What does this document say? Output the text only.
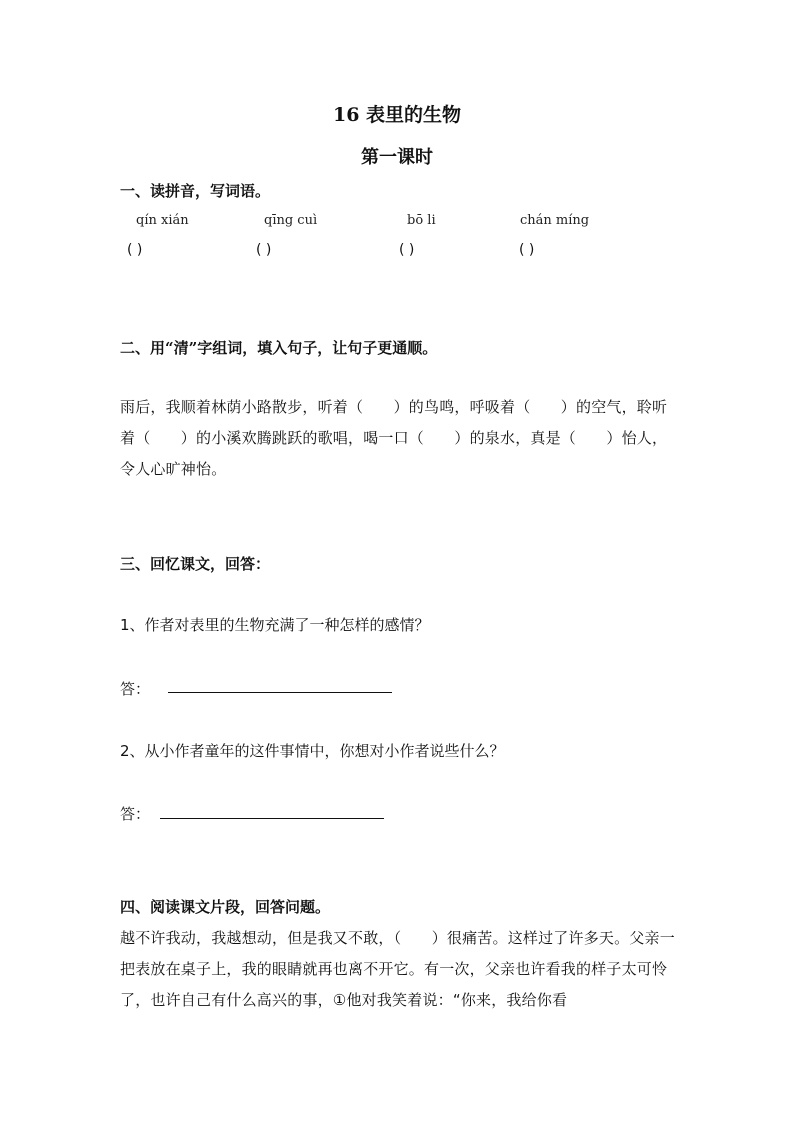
16 表里的生物
第一课时
一、读拼音，写词语。
qín xián	qīng cuì	bō li	chán míng
( )	( )	( )	( )
二、用“清”字组词，填入句子，让句子更通顺。
雨后，我顺着林荫小路散步，听着（　　）的鸟鸣，呼吸着（　　）的空气，聆听着（　　）的小溪欢腾跳跃的歌唱，喝一口（　　）的泉水，真是（　　）怡人，令人心旷神怡。
三、回忆课文，回答：
1、作者对表里的生物充满了一种怎样的感情？
答：
2、从小作者童年的这件事情中，你想对小作者说些什么？
答：
四、阅读课文片段，回答问题。
越不许我动，我越想动，但是我又不敢，（　　）很痛苦。这样过了许多天。父亲一把表放在桌子上，我的眼睛就再也离不开它。有一次，父亲也许看我的样子太可怜了，也许自己有什么高兴的事，①他对我笑着说：“你来，我给你看
